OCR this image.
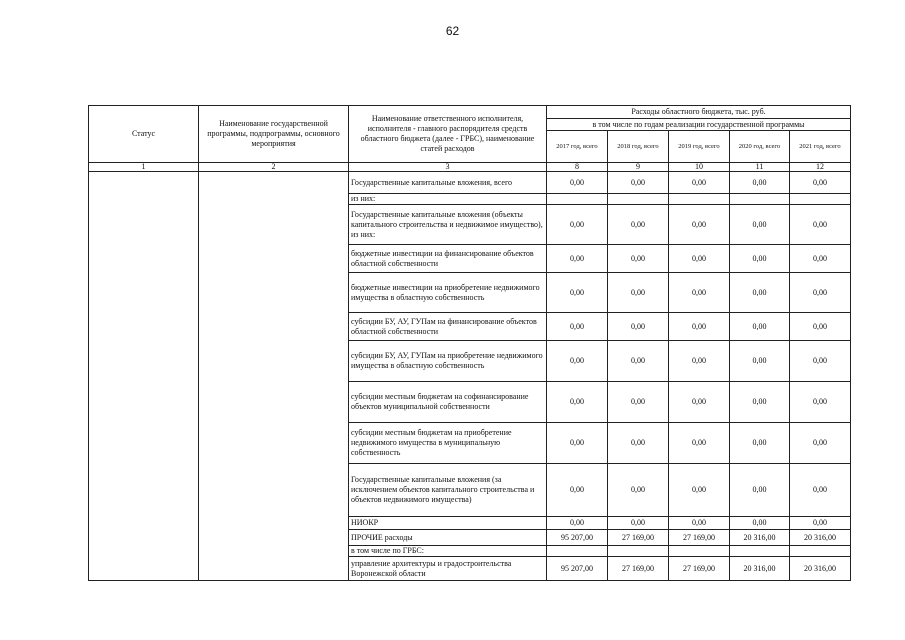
62
Статус	Наименование государственной программы, подпрограммы, основного мероприятия	Наименование ответственного исполнителя, исполнителя - главного распорядителя средств областного бюджета (далее - ГРБС), наименование статей расходов	Расходы областного бюджета, тыс. руб.				
			в том числе по годам реализации государственной программы				
			2017 год, всего	2018 год, всего	2019 год, всего	2020 год, всего	2021 год, всего
1	2	3	8	9	10	11	12
		Государственные капитальные вложения, всего	0,00	0,00	0,00	0,00	0,00
		из них:					
		Государственные капитальные вложения (объекты капитального строительства и недвижимое имущество), из них:	0,00	0,00	0,00	0,00	0,00
		бюджетные инвестиции на финансирование объектов областной собственности	0,00	0,00	0,00	0,00	0,00
		бюджетные инвестиции на приобретение недвижимого имущества в областную собственность	0,00	0,00	0,00	0,00	0,00
		субсидии БУ, АУ, ГУПам на финансирование объектов областной собственности	0,00	0,00	0,00	0,00	0,00
		субсидии БУ, АУ, ГУПам на приобретение недвижимого имущества в областную собственность	0,00	0,00	0,00	0,00	0,00
		субсидии местным бюджетам на софинансирование объектов муниципальной собственности	0,00	0,00	0,00	0,00	0,00
		субсидии местным бюджетам на приобретение недвижимого имущества в муниципальную собственность	0,00	0,00	0,00	0,00	0,00
		Государственные капитальные вложения (за исключением объектов капитального строительства и объектов недвижимого имущества)	0,00	0,00	0,00	0,00	0,00
		НИОКР	0,00	0,00	0,00	0,00	0,00
		ПРОЧИЕ расходы	95 207,00	27 169,00	27 169,00	20 316,00	20 316,00
		в том числе по ГРБС:					
		управление архитектуры и градостроительства Воронежской области	95 207,00	27 169,00	27 169,00	20 316,00	20 316,00
